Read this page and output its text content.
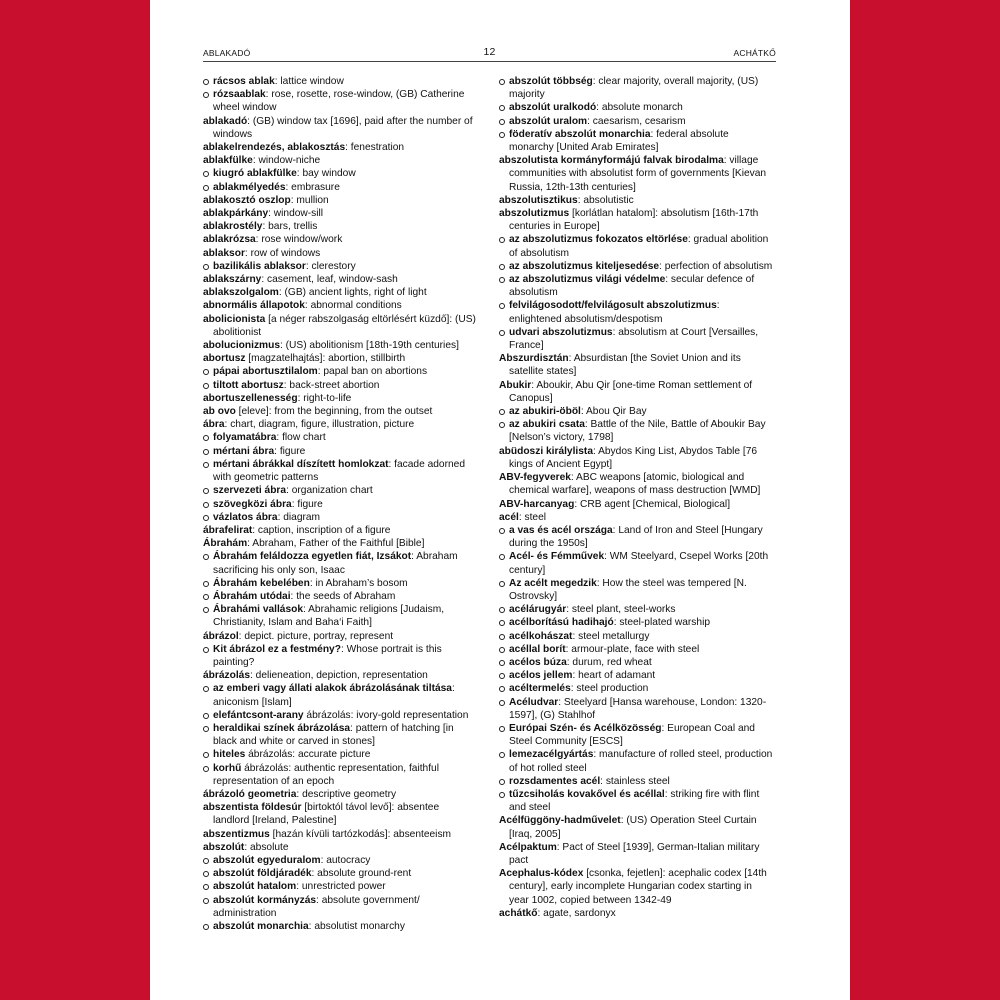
ABLAKADÓ	12	ACHÁTKŐ
rácsos ablak: lattice window
rózsaablak: rose, rosette, rose-window, (GB) Catherine wheel window
ablakadó: (GB) window tax [1696], paid after the number of windows
ablakelrendezés, ablakosztás: fenestration
ablakfülke: window-niche
kiugró ablakfülke: bay window
ablakmélyedés: embrasure
ablakosztó oszlop: mullion
ablakpárkány: window-sill
ablakrostély: bars, trellis
ablakrózsa: rose window/work
ablaksor: row of windows
bazilikális ablaksor: clerestory
ablakszárny: casement, leaf, window-sash
ablakszolgalom: (GB) ancient lights, right of light
abnormális állapotok: abnormal conditions
abolicionista [a néger rabszolgaság eltörlésért küzdő]: (US) abolitionist
abolucionizmus: (US) abolitionism [18th-19th centuries]
abortusz [magzatelhajtás]: abortion, stillbirth
pápai abortusztilalom: papal ban on abortions
tiltott abortusz: back-street abortion
abortuszellenesség: right-to-life
ab ovo [eleve]: from the beginning, from the outset
ábra: chart, diagram, figure, illustration, picture
folyamatábra: flow chart
mértani ábra: figure
mértani ábrákkal díszített homlokzat: facade adorned with geometric patterns
szervezeti ábra: organization chart
szövegközi ábra: figure
vázlatos ábra: diagram
ábrafelirat: caption, inscription of a figure
Ábrahám: Abraham, Father of the Faithful [Bible]
Ábrahám feláldozza egyetlen fiát, Izsákot: Abraham sacrificing his only son, Isaac
Ábrahám kebelében: in Abraham’s bosom
Ábrahám utódai: the seeds of Abraham
Ábrahámi vallások: Abrahamic religions [Judaism, Christianity, Islam and Baha‘i Faith]
ábrázol: depict. picture, portray, represent
Kit ábrázol ez a festmény?: Whose portrait is this painting?
ábrázolás: delieneation, depiction, representation
az emberi vagy állati alakok ábrázolásának tiltása: aniconism [Islam]
elefántcsont-arany ábrázolás: ivory-gold representation
heraldikai színek ábrázolása: pattern of hatching [in black and white or carved in stones]
hiteles ábrázolás: accurate picture
korhű ábrázolás: authentic representation, faithful representation of an epoch
ábrázoló geometria: descriptive geometry
abszentista földesúr [birtoktól távol levő]: absentee landlord [Ireland, Palestine]
abszentizmus [hazán kívüli tartózkodás]: absenteeism
abszolút: absolute
abszolút egyeduralom: autocracy
abszolút földjáradék: absolute ground-rent
abszolút hatalom: unrestricted power
abszolút kormányzás: absolute government/ administration
abszolút monarchia: absolutist monarchy
abszolút többség: clear majority, overall majority, (US) majority
abszolút uralkodó: absolute monarch
abszolút uralom: caesarism, cesarism
föderatív abszolút monarchia: federal absolute monarchy [United Arab Emirates]
abszolutista kormányformájú falvak birodalma: village communities with absolutist form of governments [Kievan Russia, 12th-13th centuries]
abszolutisztikus: absolutistic
abszolutizmus [korlátlan hatalom]: absolutism [16th-17th centuries in Europe]
az abszolutizmus fokozatos eltörlése: gradual abolition of absolutism
az abszolutizmus kiteljesedése: perfection of absolutism
az abszolutizmus világi védelme: secular defence of absolutism
felvilágosodott/felvilágosult abszolutizmus: enlightened absolutism/despotism
udvari abszolutizmus: absolutism at Court [Versailles, France]
Abszurdisztán: Absurdistan [the Soviet Union and its satellite states]
Abukir: Aboukir, Abu Qir [one-time Roman settlement of Canopus]
az abukiri-öböl: Abou Qir Bay
az abukiri csata: Battle of the Nile, Battle of Aboukir Bay [Nelson’s victory, 1798]
abüdoszi királylista: Abydos King List, Abydos Table [76 kings of Ancient Egypt]
ABV-fegyverek: ABC weapons [atomic, biological and chemical warfare], weapons of mass destruction [WMD]
ABV-harcanyag: CRB agent [Chemical, Biological]
acél: steel
a vas és acél országa: Land of Iron and Steel [Hungary during the 1950s]
Acél- és Fémművek: WM Steelyard, Csepel Works [20th century]
Az acélt megedzik: How the steel was tempered [N. Ostrovsky]
acélárugyár: steel plant, steel-works
acélborítású hadihajó: steel-plated warship
acélkohászat: steel metallurgy
acéllal borít: armour-plate, face with steel
acélos búza: durum, red wheat
acélos jellem: heart of adamant
acéltermelés: steel production
Acéludvar: Steelyard [Hansa warehouse, London: 1320-1597], (G) Stahlhof
Európai Szén- és Acélközösség: European Coal and Steel Community [ESCS]
lemezacélgyártás: manufacture of rolled steel, production of hot rolled steel
rozsdamentes acél: stainless steel
tűzcsiholás kovakővel és acéllal: striking fire with flint and steel
Acélfüggöny-hadművelet: (US) Operation Steel Curtain [Iraq, 2005]
Acélpaktum: Pact of Steel [1939], German-Italian military pact
Acephalus-kódex [csonka, fejetlen]: acephalic codex [14th century], early incomplete Hungarian codex starting in year 1002, copied between 1342-49
achátkő: agate, sardonyx
